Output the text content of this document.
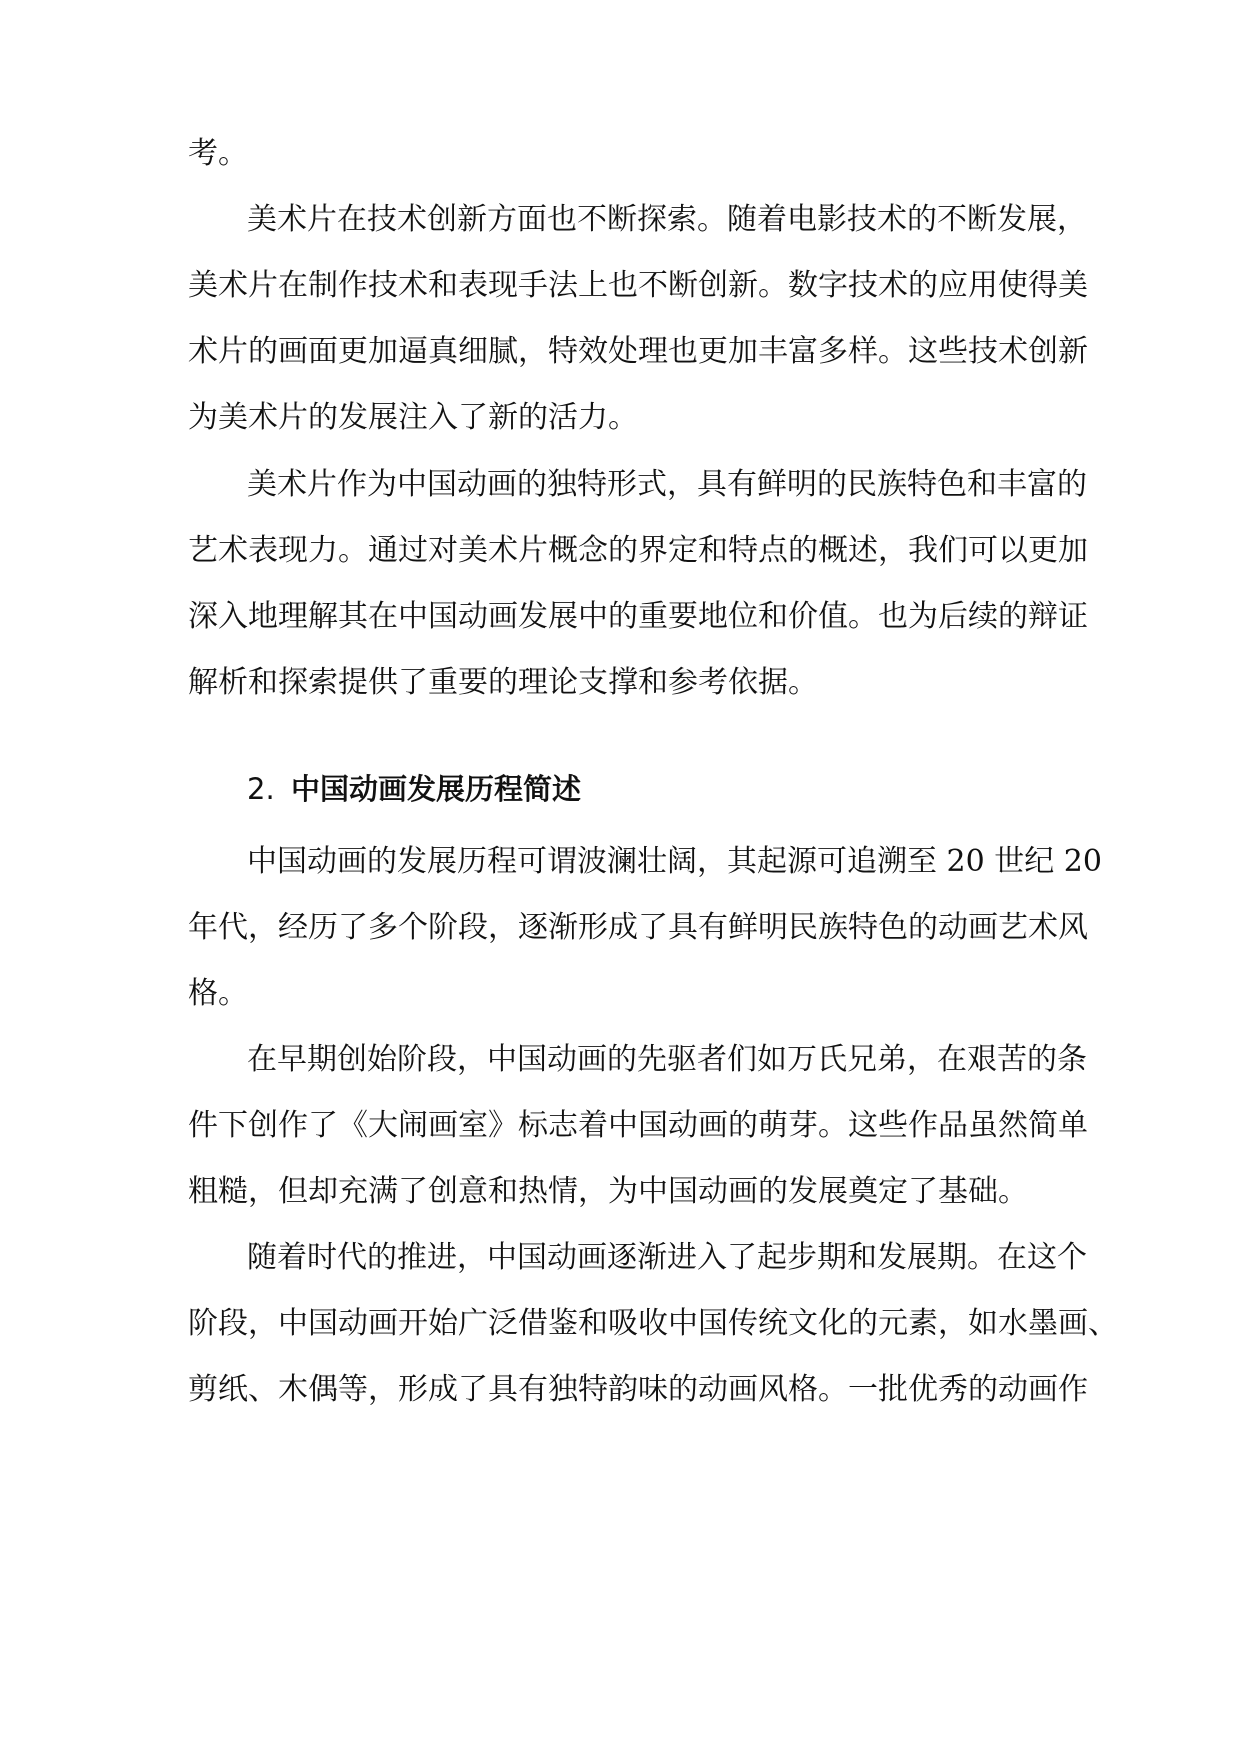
考。

美术片在技术创新方面也不断探索。随着电影技术的不断发展，

美术片在制作技术和表现手法上也不断创新。数字技术的应用使得美

术片的画面更加逼真细腻，特效处理也更加丰富多样。这些技术创新

为美术片的发展注入了新的活力。

美术片作为中国动画的独特形式，具有鲜明的民族特色和丰富的

艺术表现力。通过对美术片概念的界定和特点的概述，我们可以更加

深入地理解其在中国动画发展中的重要地位和价值。也为后续的辩证

解析和探索提供了重要的理论支撑和参考依据。

2. 中国动画发展历程简述

中国动画的发展历程可谓波澜壮阔，其起源可追溯至 20 世纪 20

年代，经历了多个阶段，逐渐形成了具有鲜明民族特色的动画艺术风

格。

在早期创始阶段，中国动画的先驱者们如万氏兄弟，在艰苦的条

件下创作了《大闹画室》标志着中国动画的萌芽。这些作品虽然简单

粗糙，但却充满了创意和热情，为中国动画的发展奠定了基础。

随着时代的推进，中国动画逐渐进入了起步期和发展期。在这个

阶段，中国动画开始广泛借鉴和吸收中国传统文化的元素，如水墨画、

剪纸、木偶等，形成了具有独特韵味的动画风格。一批优秀的动画作
